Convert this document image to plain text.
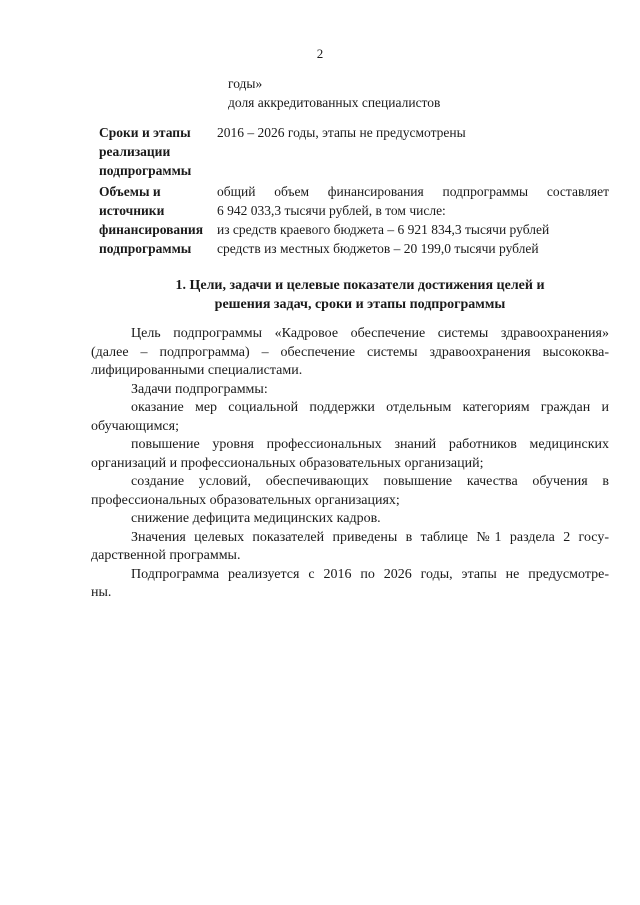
2
годы»
доля аккредитованных специалистов
Сроки и этапы
реализации
подпрограммы
2016 – 2026 годы, этапы не предусмотрены
Объемы и
источники
финансирования
подпрограммы
общий объем финансирования подпрограммы составляет
6 942 033,3 тысячи рублей, в том числе:
из средств краевого бюджета – 6 921 834,3 тысячи рублей
средств из местных бюджетов – 20 199,0 тысячи рублей
1. Цели, задачи и целевые показатели достижения целей и
решения задач, сроки и этапы подпрограммы
Цель подпрограммы «Кадровое обеспечение системы здравоохранения»
(далее – подпрограмма) – обеспечение системы здравоохранения высококва-
лифицированными специалистами.
Задачи подпрограммы:
оказание мер социальной поддержки отдельным категориям граждан и
обучающимся;
повышение уровня профессиональных знаний работников медицинских
организаций и профессиональных образовательных организаций;
создание условий, обеспечивающих повышение качества обучения в
профессиональных образовательных организациях;
снижение дефицита медицинских кадров.
Значения целевых показателей приведены в таблице №1 раздела 2 госу-
дарственной программы.
Подпрограмма реализуется с 2016 по 2026 годы, этапы не предусмотре-
ны.
